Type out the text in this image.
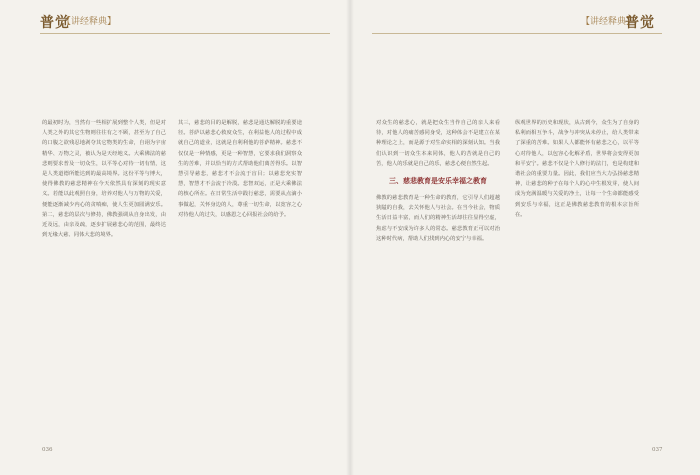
普觉
【讲经释典】

的最初时为，当然有一些相扩展到整个人类，但是对人类之外的其它生物则往往有之不顾，甚至为了自己的口腹之欲残忍地剥夺其它物类的生命，自诩为宇宙精华、万物之灵，被认为是天经地义。大乘佛法的慈悲则要求普及一切众生，以平等心对待一切有情，这是人类道德所能达到的最高境界。这份平等与博大，使得佛教的慈悲精神在今天依然具有深刻的现实意义。若能以此观照自身，培养对他人与万物的关爱，便能逐渐减少内心的贪嗔痴，使人生更加圆满安乐。第二，慈悲的层次与修持，佛教强调从自身出发，由近及远，由亲及疏，逐步扩展慈悲心的范围，最终达到无缘大慈、同体大悲的境界。

其三，慈悲的目的是解脱，慈悲是通达解脱的重要途径。菩萨以慈悲心救度众生，在利益他人的过程中成就自己的道业，这就是自利利他的菩萨精神。慈悲不仅仅是一种情感，更是一种智慧，它要求我们洞察众生的苦难，并以恰当的方式帮助他们离苦得乐。以智慧引导慈悲，慈悲才不会流于盲目；以慈悲充实智慧，智慧才不会流于冷漠。悲智双运，正是大乘佛法的核心所在。在日常生活中践行慈悲，需要从点滴小事做起，关怀身边的人，尊重一切生命，以宽容之心对待他人的过失，以感恩之心回报社会的给予。

036
【讲经释典】
普觉

对众生的慈悲心，就是把众生当作自己的亲人来看待，对他人的痛苦感同身受，这种体会不是建立在某种理论之上，而是源于对生命实相的深刻认知。当我们认识到一切众生本来同体，他人的苦就是自己的苦，他人的乐就是自己的乐，慈悲心便自然生起。

三、慈悲教育是安乐幸福之教育

佛教的慈悲教育是一种生命的教育，它引导人们超越狭隘的自我，去关怀他人与社会。在当今社会，物质生活日益丰富，而人们的精神生活却往往显得空虚，焦虑与不安成为许多人的常态。慈悲教育正可以对治这种时代病，帮助人们找到内心的安宁与幸福。

纵观世界的历史和现状，从古到今，众生为了自身的私利而相互争斗，战争与冲突从未停止，给人类带来了深重的苦难。如果人人都能怀有慈悲之心，以平等心对待他人，以包容心化解矛盾，世界将会变得更加和平安宁。慈悲不仅是个人修行的法门，也是构建和谐社会的重要力量。因此，我们应当大力弘扬慈悲精神，让慈悲的种子在每个人的心中生根发芽，使人间成为充满温暖与关爱的净土，让每一个生命都能感受到安乐与幸福，这正是佛教慈悲教育的根本宗旨所在。

037
